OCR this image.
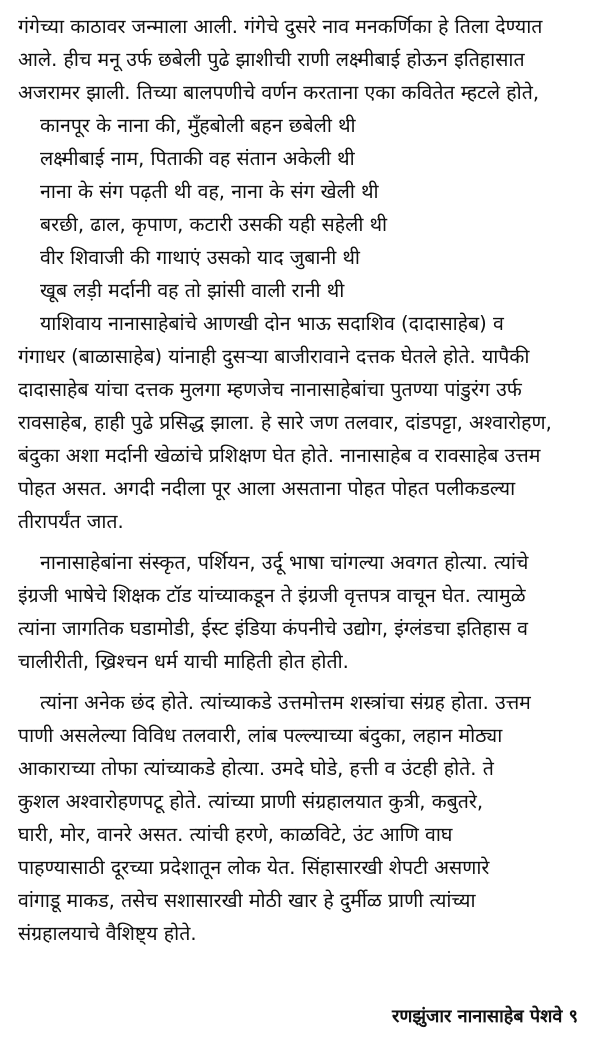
गंगेच्या काठावर जन्माला आली. गंगेचे दुसरे नाव मनकर्णिका हे तिला देण्यात

आले. हीच मनू उर्फ छबेली पुढे झाशीची राणी लक्ष्मीबाई होऊन इतिहासात

अजरामर झाली. तिच्या बालपणीचे वर्णन करताना एका कवितेत म्हटले होते,

कानपूर के नाना की, मुँहबोली बहन छबेली थी

लक्ष्मीबाई नाम, पिताकी वह संतान अकेली थी

नाना के संग पढ़ती थी वह, नाना के संग खेली थी

बरछी, ढाल, कृपाण, कटारी उसकी यही सहेली थी

वीर शिवाजी की गाथाएं उसको याद जुबानी थी

खूब लड़ी मर्दानी वह तो झांसी वाली रानी थी

याशिवाय नानासाहेबांचे आणखी दोन भाऊ सदाशिव (दादासाहेब) व

गंगाधर (बाळासाहेब) यांनाही दुसऱ्या बाजीरावाने दत्तक घेतले होते. यापैकी

दादासाहेब यांचा दत्तक मुलगा म्हणजेच नानासाहेबांचा पुतण्या पांडुरंग उर्फ

रावसाहेब, हाही पुढे प्रसिद्ध झाला. हे सारे जण तलवार, दांडपट्टा, अश्वारोहण,

बंदुका अशा मर्दानी खेळांचे प्रशिक्षण घेत होते. नानासाहेब व रावसाहेब उत्तम

पोहत असत. अगदी नदीला पूर आला असताना पोहत पोहत पलीकडल्या

तीरापर्यंत जात.

नानासाहेबांना संस्कृत, पर्शियन, उर्दू भाषा चांगल्या अवगत होत्या. त्यांचे

इंग्रजी भाषेचे शिक्षक टॉड यांच्याकडून ते इंग्रजी वृत्तपत्र वाचून घेत. त्यामुळे

त्यांना जागतिक घडामोडी, ईस्ट इंडिया कंपनीचे उद्योग, इंग्लंडचा इतिहास व

चालीरीती, ख्रिश्चन धर्म याची माहिती होत होती.

त्यांना अनेक छंद होते. त्यांच्याकडे उत्तमोत्तम शस्त्रांचा संग्रह होता. उत्तम

पाणी असलेल्या विविध तलवारी, लांब पल्ल्याच्या बंदुका, लहान मोठ्या

आकाराच्या तोफा त्यांच्याकडे होत्या. उमदे घोडे, हत्ती व उंटही होते. ते

कुशल अश्वारोहणपटू होते. त्यांच्या प्राणी संग्रहालयात कुत्री, कबुतरे,

घारी, मोर, वानरे असत. त्यांची हरणे, काळविटे, उंट आणि वाघ

पाहण्यासाठी दूरच्या प्रदेशातून लोक येत. सिंहासारखी शेपटी असणारे

वांगाडू माकड, तसेच सशासारखी मोठी खार हे दुर्मीळ प्राणी त्यांच्या

संग्रहालयाचे वैशिष्ट्य होते.

रणझुंजार नानासाहेब पेशवे ९
